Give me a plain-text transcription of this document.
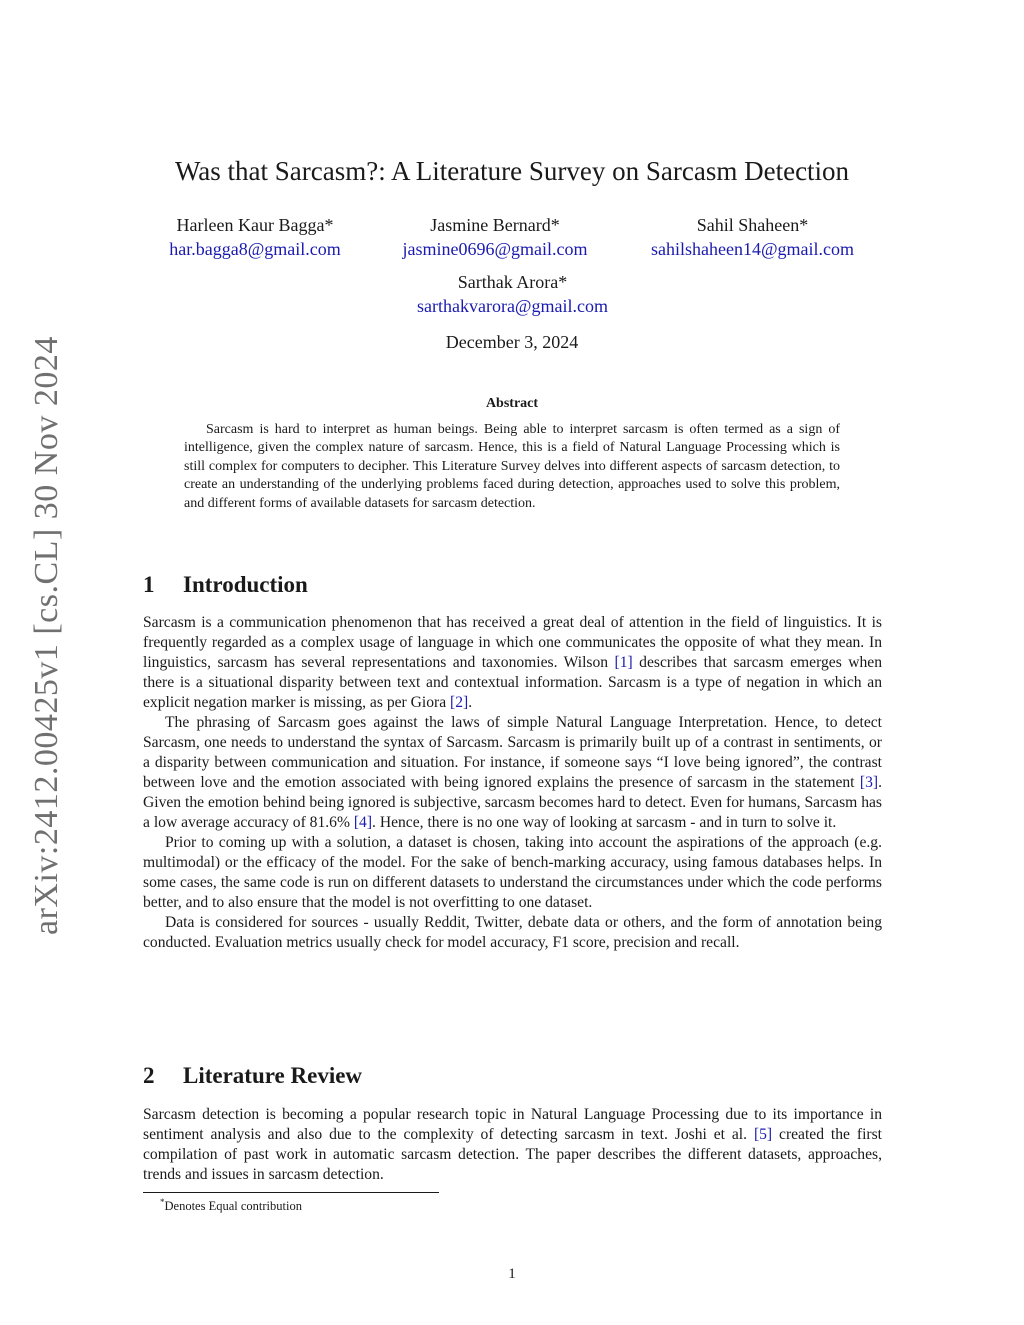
arXiv:2412.00425v1 [cs.CL] 30 Nov 2024
Was that Sarcasm?: A Literature Survey on Sarcasm Detection
Harleen Kaur Bagga*
har.bagga8@gmail.com
Jasmine Bernard*
jasmine0696@gmail.com
Sahil Shaheen*
sahilshaheen14@gmail.com
Sarthak Arora*
sarthakvarora@gmail.com
December 3, 2024
Abstract
Sarcasm is hard to interpret as human beings. Being able to interpret sarcasm is often termed as a sign of intelligence, given the complex nature of sarcasm. Hence, this is a field of Natural Language Processing which is still complex for computers to decipher. This Literature Survey delves into different aspects of sarcasm detection, to create an understanding of the underlying problems faced during detection, approaches used to solve this problem, and different forms of available datasets for sarcasm detection.
1 Introduction

Sarcasm is a communication phenomenon that has received a great deal of attention in the field of linguistics. It is frequently regarded as a complex usage of language in which one communicates the opposite of what they mean. In linguistics, sarcasm has several representations and taxonomies. Wilson [1] describes that sarcasm emerges when there is a situational disparity between text and contextual information. Sarcasm is a type of negation in which an explicit negation marker is missing, as per Giora [2].

The phrasing of Sarcasm goes against the laws of simple Natural Language Interpretation. Hence, to detect Sarcasm, one needs to understand the syntax of Sarcasm. Sarcasm is primarily built up of a contrast in sentiments, or a disparity between communication and situation. For instance, if someone says “I love being ignored”, the contrast between love and the emotion associated with being ignored explains the presence of sarcasm in the statement [3]. Given the emotion behind being ignored is subjective, sarcasm becomes hard to detect. Even for humans, Sarcasm has a low average accuracy of 81.6% [4]. Hence, there is no one way of looking at sarcasm - and in turn to solve it.

Prior to coming up with a solution, a dataset is chosen, taking into account the aspirations of the approach (e.g. multimodal) or the efficacy of the model. For the sake of bench-marking accuracy, using famous databases helps. In some cases, the same code is run on different datasets to understand the circumstances under which the code performs better, and to also ensure that the model is not overfitting to one dataset.

Data is considered for sources - usually Reddit, Twitter, debate data or others, and the form of annotation being conducted. Evaluation metrics usually check for model accuracy, F1 score, precision and recall.

2 Literature Review

Sarcasm detection is becoming a popular research topic in Natural Language Processing due to its importance in sentiment analysis and also due to the complexity of detecting sarcasm in text. Joshi et al. [5] created the first compilation of past work in automatic sarcasm detection. The paper describes the different datasets, approaches, trends and issues in sarcasm detection.

*Denotes Equal contribution
1
